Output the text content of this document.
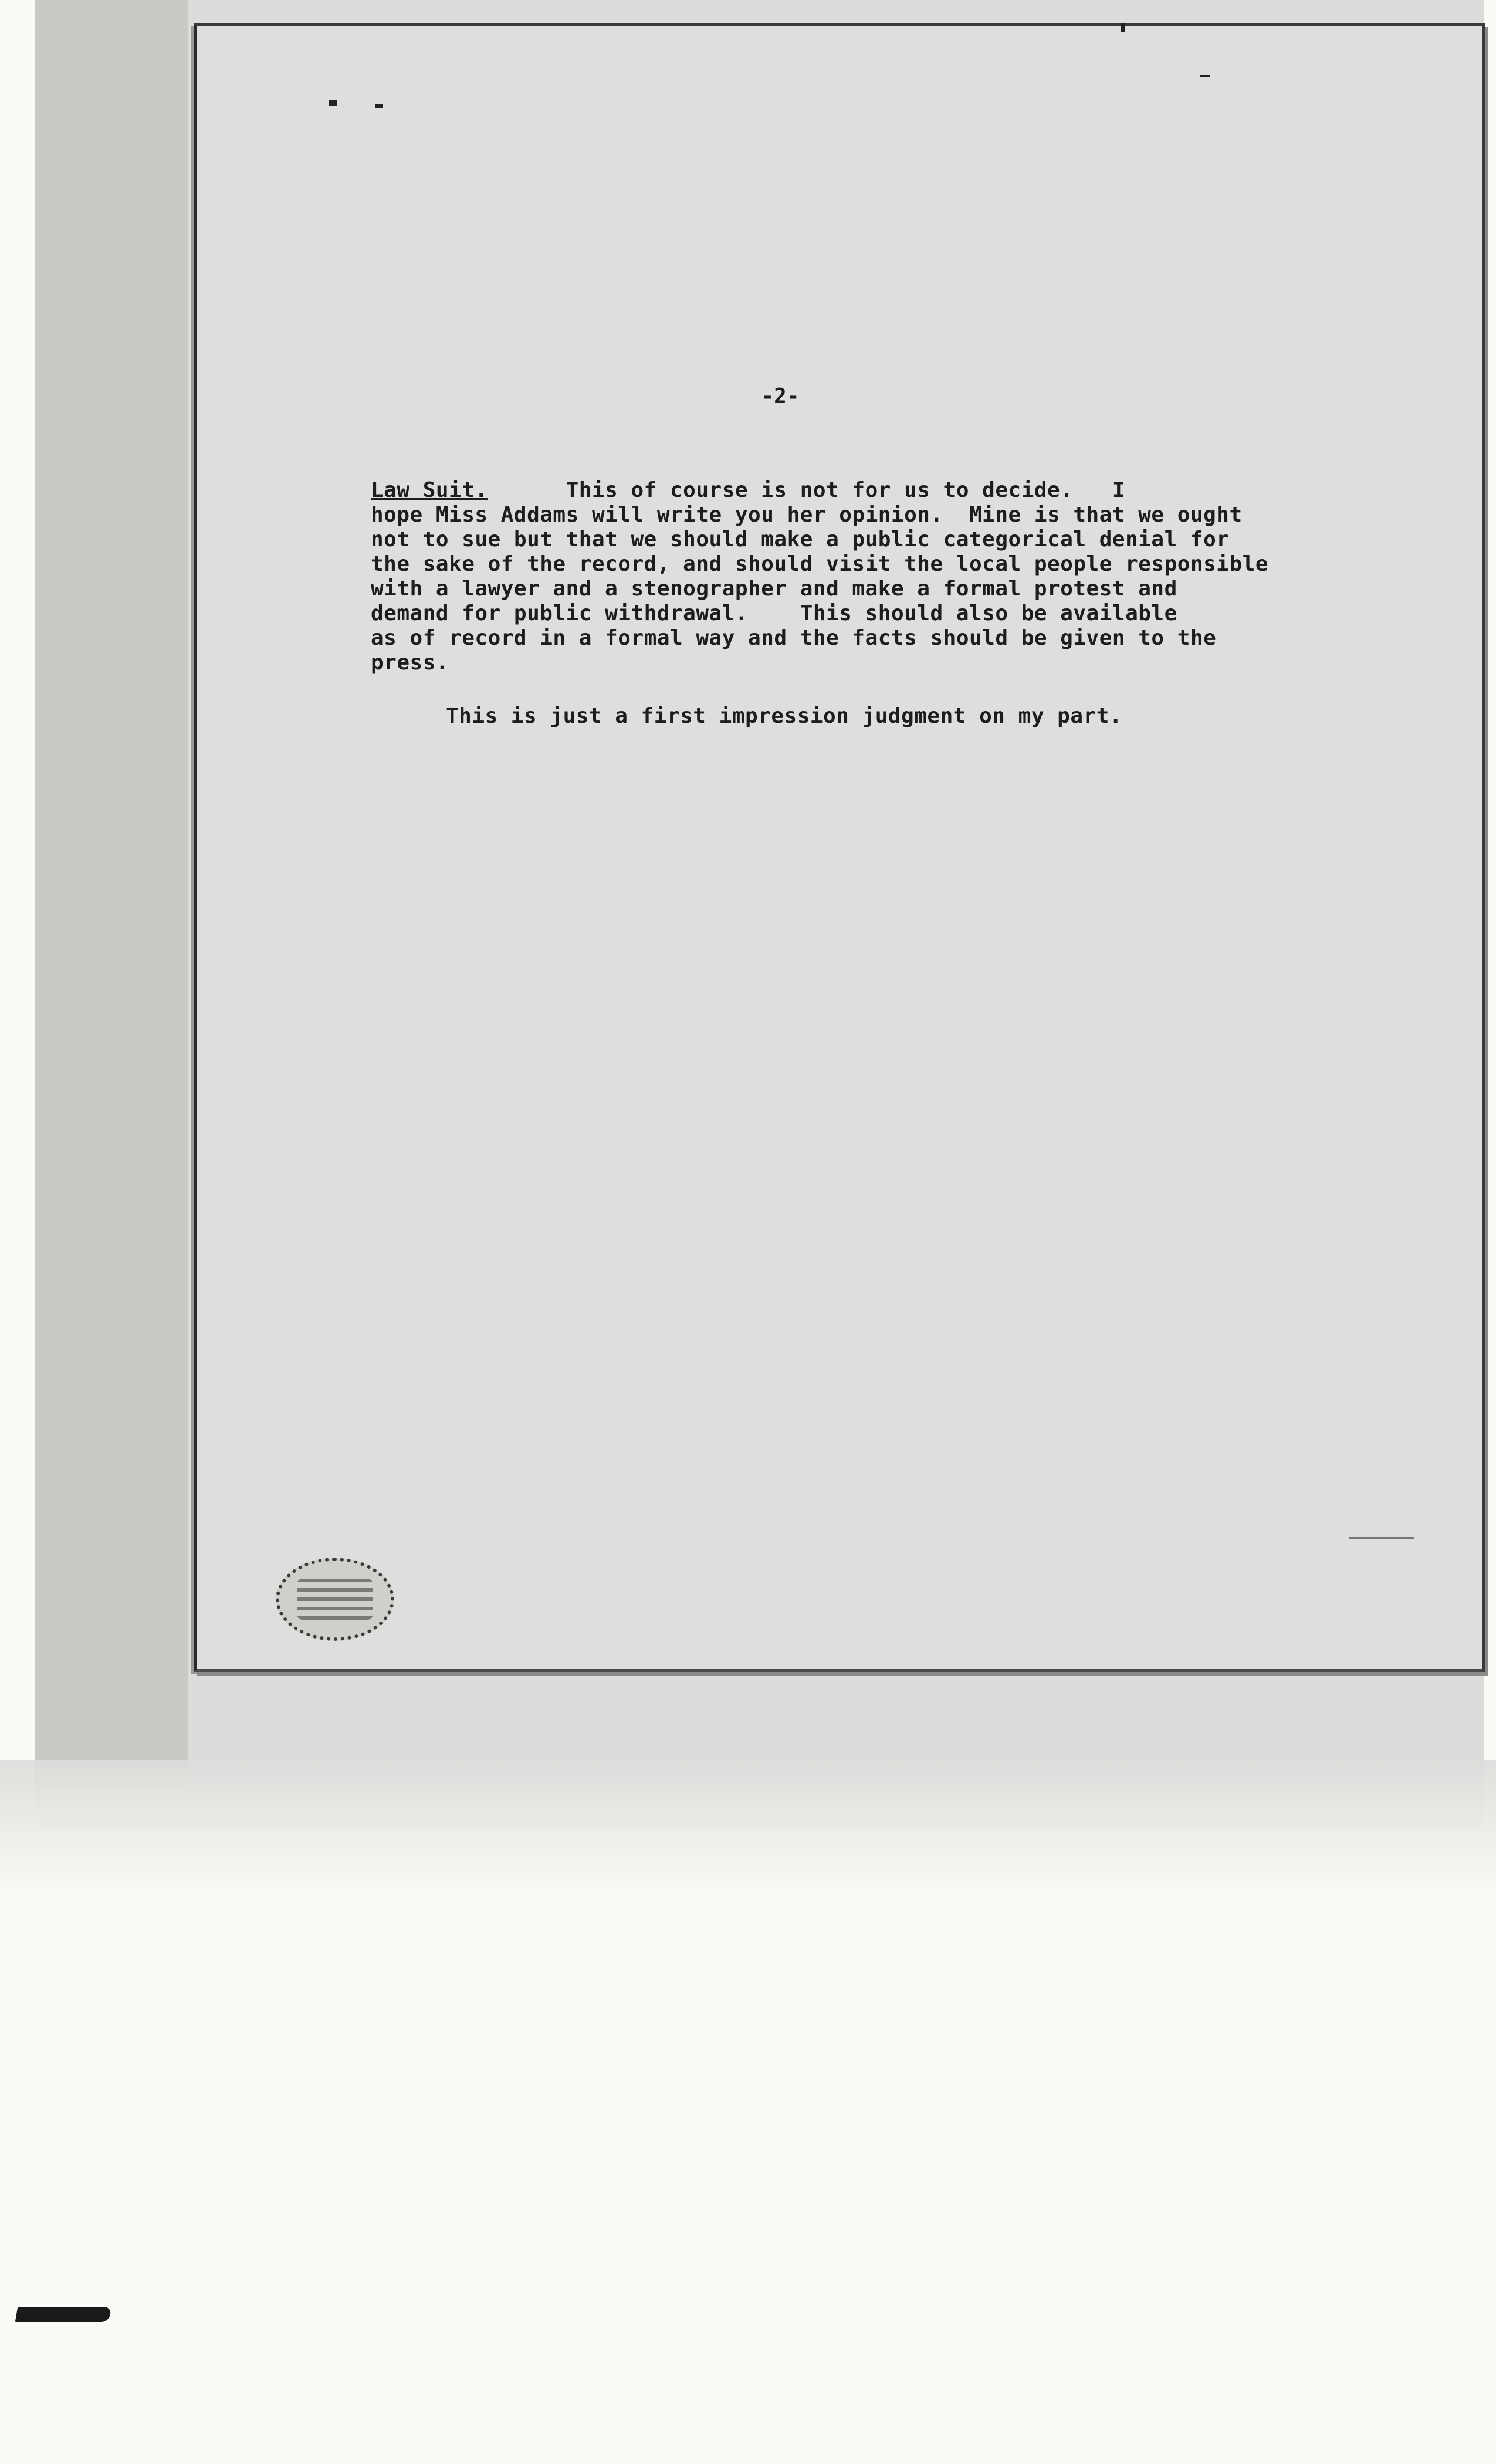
-2-
Law Suit.      This of course is not for us to decide.   I
hope Miss Addams will write you her opinion.  Mine is that we ought
not to sue but that we should make a public categorical denial for
the sake of the record, and should visit the local people responsible
with a lawyer and a stenographer and make a formal protest and
demand for public withdrawal.    This should also be available
as of record in a formal way and the facts should be given to the
press.
This is just a first impression judgment on my part.
